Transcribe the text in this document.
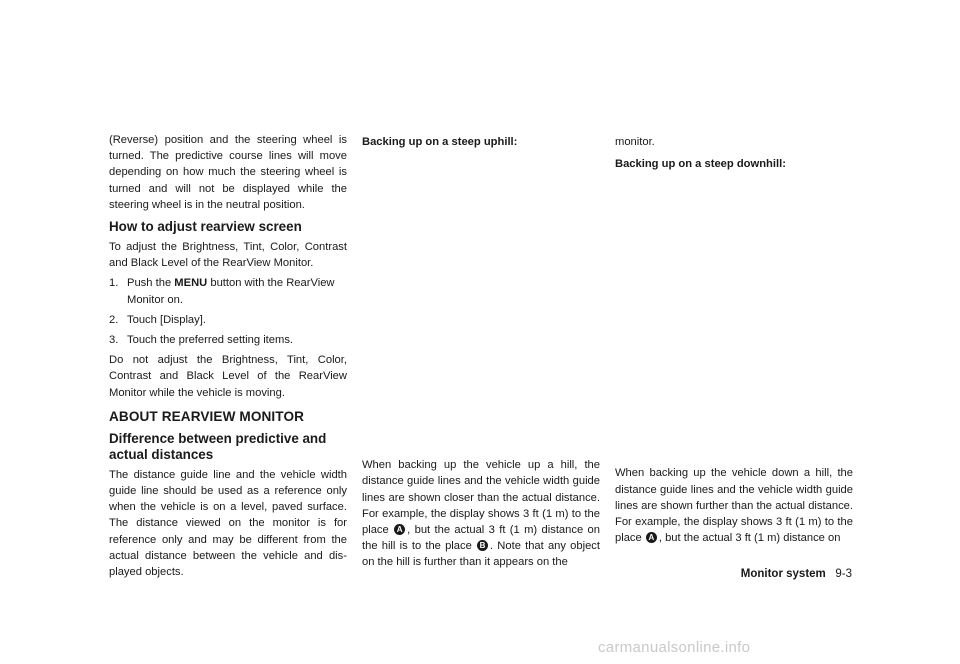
(Reverse) position and the steering wheel is turned. The predictive course lines will move depending on how much the steering wheel is turned and will not be displayed while the steering wheel is in the neutral position.

How to adjust rearview screen

To adjust the Brightness, Tint, Color, Contrast and Black Level of the RearView Monitor.

1. Push the MENU button with the RearView Monitor on.
2. Touch [Display].
3. Touch the preferred setting items.

Do not adjust the Brightness, Tint, Color, Contrast and Black Level of the RearView Monitor while the vehicle is moving.

ABOUT REARVIEW MONITOR
Difference between predictive and actual distances

The distance guide line and the vehicle width guide line should be used as a reference only when the vehicle is on a level, paved surface. The distance viewed on the monitor is for reference only and may be different from the actual distance between the vehicle and dis-played objects.

Backing up on a steep uphill:

When backing up the vehicle up a hill, the distance guide lines and the vehicle width guide lines are shown closer than the actual distance. For example, the display shows 3 ft (1 m) to the place A , but the actual 3 ft (1 m) distance on the hill is to the place B . Note that any object on the hill is further than it appears on the

monitor.

Backing up on a steep downhill:

When backing up the vehicle down a hill, the distance guide lines and the vehicle width guide lines are shown further than the actual distance. For example, the display shows 3 ft (1 m) to the place A , but the actual 3 ft (1 m) distance on

Monitor system 9-3
carmanualsonline.info
